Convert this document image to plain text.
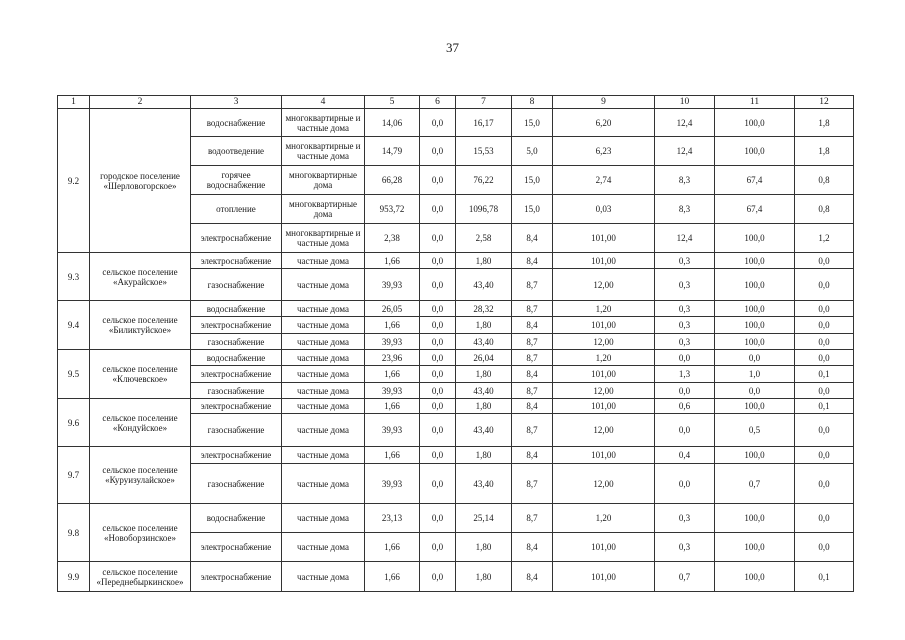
37
1	2	3	4	5	6	7	8	9	10	11	12
9.2	городское поселение «Шерловогорское»	водоснабжение	многоквартирные и частные дома	14,06	0,0	16,17	15,0	6,20	12,4	100,0	1,8
		водоотведение	многоквартирные и частные дома	14,79	0,0	15,53	5,0	6,23	12,4	100,0	1,8
		горячее водоснабжение	многоквартирные дома	66,28	0,0	76,22	15,0	2,74	8,3	67,4	0,8
		отопление	многоквартирные дома	953,72	0,0	1096,78	15,0	0,03	8,3	67,4	0,8
		электроснабжение	многоквартирные и частные дома	2,38	0,0	2,58	8,4	101,00	12,4	100,0	1,2
9.3	сельское поселение «Акурайское»	электроснабжение	частные дома	1,66	0,0	1,80	8,4	101,00	0,3	100,0	0,0
		газоснабжение	частные дома	39,93	0,0	43,40	8,7	12,00	0,3	100,0	0,0
9.4	сельское поселение «Биликтуйское»	водоснабжение	частные дома	26,05	0,0	28,32	8,7	1,20	0,3	100,0	0,0
		электроснабжение	частные дома	1,66	0,0	1,80	8,4	101,00	0,3	100,0	0,0
		газоснабжение	частные дома	39,93	0,0	43,40	8,7	12,00	0,3	100,0	0,0
9.5	сельское поселение «Ключевское»	водоснабжение	частные дома	23,96	0,0	26,04	8,7	1,20	0,0	0,0	0,0
		электроснабжение	частные дома	1,66	0,0	1,80	8,4	101,00	1,3	1,0	0,1
		газоснабжение	частные дома	39,93	0,0	43,40	8,7	12,00	0,0	0,0	0,0
9.6	сельское поселение «Кондуйское»	электроснабжение	частные дома	1,66	0,0	1,80	8,4	101,00	0,6	100,0	0,1
		газоснабжение	частные дома	39,93	0,0	43,40	8,7	12,00	0,0	0,5	0,0
9.7	сельское поселение «Куруизулайское»	электроснабжение	частные дома	1,66	0,0	1,80	8,4	101,00	0,4	100,0	0,0
		газоснабжение	частные дома	39,93	0,0	43,40	8,7	12,00	0,0	0,7	0,0
9.8	сельское поселение «Новоборзинское»	водоснабжение	частные дома	23,13	0,0	25,14	8,7	1,20	0,3	100,0	0,0
		электроснабжение	частные дома	1,66	0,0	1,80	8,4	101,00	0,3	100,0	0,0
9.9	сельское поселение «Переднебыркинское»	электроснабжение	частные дома	1,66	0,0	1,80	8,4	101,00	0,7	100,0	0,1
